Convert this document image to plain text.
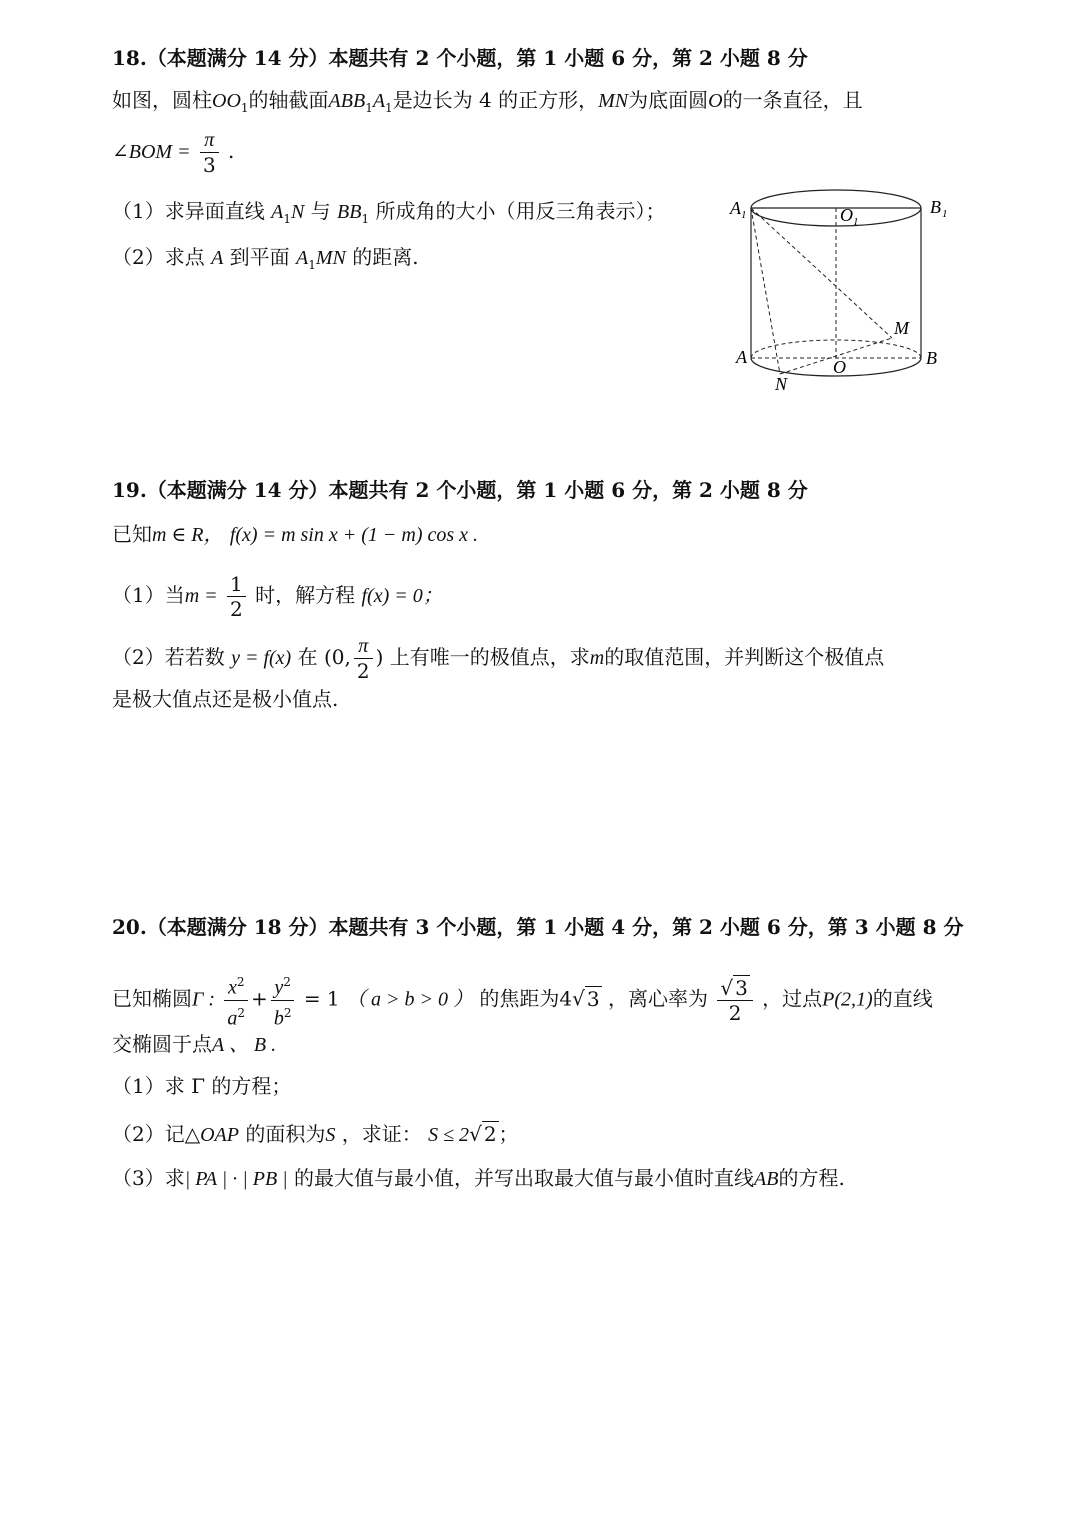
18.（本题满分 14 分）本题共有 2 个小题，第 1 小题 6 分，第 2 小题 8 分
如图，圆柱$OO_1$的轴截面$ABB_1A_1$是边长为 4 的正方形，MN为底面圆O的一条直径，且
∠BOM = $\frac{\pi}{3}$ .
（1）求异面直线 $A_1N$ 与 $BB_1$ 所成角的大小（用反三角表示）；
（2）求点 A 到平面 $A_1MN$ 的距离.
A 1	B 1
O 1
M
A	B
O
N
19.（本题满分 14 分）本题共有 2 个小题，第 1 小题 6 分，第 2 小题 8 分
已知m ∈ R， f(x) = m sin x + (1 − m) cos x .
（1）当$m = \frac{1}{2}$ 时，解方程 f(x) = 0；
（2）若若数 y = f(x) 在 (0, $\frac{\pi}{2}$ ) 上有唯一的极值点，求m的取值范围，并判断这个极值点
是极大值点还是极小值点.
20.（本题满分 18 分）本题共有 3 个小题，第 1 小题 4 分，第 2 小题 6 分，第 3 小题 8 分
已知椭圆Γ : $\frac{x^2}{a^2} + \frac{y^2}{b^2} = 1$ （ a > b > 0 ） 的焦距为4√ 3 ，离心率为 $\frac{√ 3}{2}$ ，过点P(2,1)的直线
交椭圆于点A 、 B .
（1）求 Γ 的方程；
（2）记△OAP 的面积为S ，求证： S ≤ 2√ 2 ；
（3）求| PA | · | PB | 的最大值与最小值，并写出取最大值与最小值时直线AB的方程.
